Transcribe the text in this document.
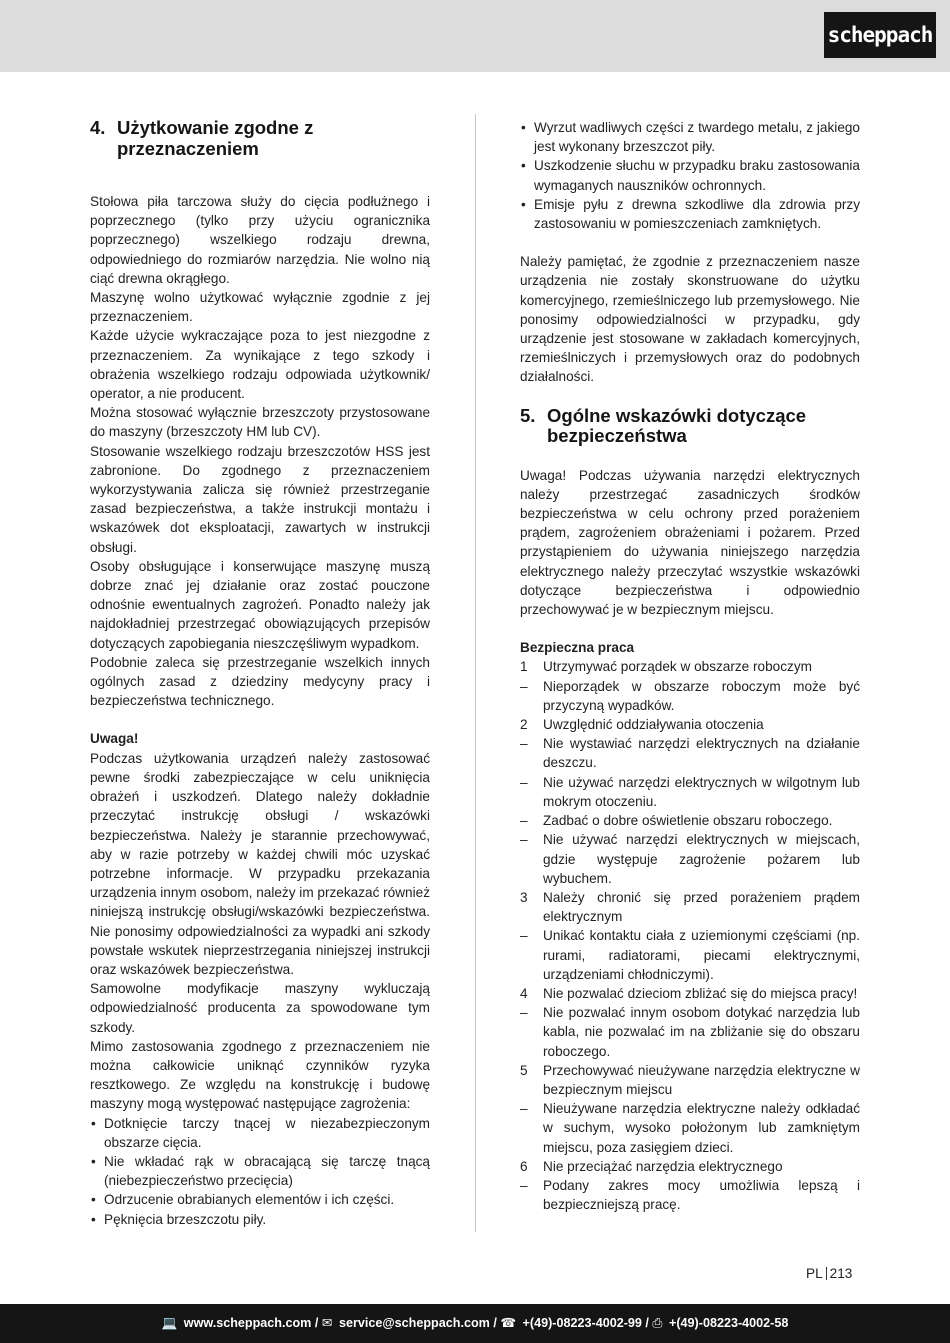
scheppach
4. Użytkowanie zgodne z przeznaczeniem

Stołowa piła tarczowa służy do cięcia podłużnego i poprzecznego (tylko przy użyciu ogranicznika poprzecznego) wszelkiego rodzaju drewna, odpowiedniego do rozmiarów narzędzia. Nie wolno nią ciąć drewna okrągłego.

Maszynę wolno użytkować wyłącznie zgodnie z jej przeznaczeniem.

Każde użycie wykraczające poza to jest niezgodne z przeznaczeniem. Za wynikające z tego szkody i obrażenia wszelkiego rodzaju odpowiada użytkownik/ operator, a nie producent.

Można stosować wyłącznie brzeszczoty przystosowane do maszyny (brzeszczoty HM lub CV).

Stosowanie wszelkiego rodzaju brzeszczotów HSS jest zabronione. Do zgodnego z przeznaczeniem wykorzystywania zalicza się również przestrzeganie zasad bezpieczeństwa, a także instrukcji montażu i wskazówek dot eksploatacji, zawartych w instrukcji obsługi.

Osoby obsługujące i konserwujące maszynę muszą dobrze znać jej działanie oraz zostać pouczone odnośnie ewentualnych zagrożeń. Ponadto należy jak najdokładniej przestrzegać obowiązujących przepisów dotyczących zapobiegania nieszczęśliwym wypadkom.

Podobnie zaleca się przestrzeganie wszelkich innych ogólnych zasad z dziedziny medycyny pracy i bezpieczeństwa technicznego.

Uwaga!

Podczas użytkowania urządzeń należy zastosować pewne środki zabezpieczające w celu uniknięcia obrażeń i uszkodzeń. Dlatego należy dokładnie przeczytać instrukcję obsługi / wskazówki bezpieczeństwa. Należy je starannie przechowywać, aby w razie potrzeby w każdej chwili móc uzyskać potrzebne informacje. W przypadku przekazania urządzenia innym osobom, należy im przekazać również niniejszą instrukcję obsługi/wskazówki bezpieczeństwa. Nie ponosimy odpowiedzialności za wypadki ani szkody powstałe wskutek nieprzestrzegania niniejszej instrukcji oraz wskazówek bezpieczeństwa.

Samowolne modyfikacje maszyny wykluczają odpowiedzialność producenta za spowodowane tym szkody.

Mimo zastosowania zgodnego z przeznaczeniem nie można całkowicie uniknąć czynników ryzyka resztkowego. Ze względu na konstrukcję i budowę maszyny mogą występować następujące zagrożenia:

• Dotknięcie tarczy tnącej w niezabezpieczonym obszarze cięcia.
• Nie wkładać rąk w obracającą się tarczę tnącą (niebezpieczeństwo przecięcia)
• Odrzucenie obrabianych elementów i ich części.
• Pęknięcia brzeszczotu piły.
• Wyrzut wadliwych części z twardego metalu, z jakiego jest wykonany brzeszczot piły.
• Uszkodzenie słuchu w przypadku braku zastosowania wymaganych nauszników ochronnych.
• Emisje pyłu z drewna szkodliwe dla zdrowia przy zastosowaniu w pomieszczeniach zamkniętych.

Należy pamiętać, że zgodnie z przeznaczeniem nasze urządzenia nie zostały skonstruowane do użytku komercyjnego, rzemieślniczego lub przemysłowego. Nie ponosimy odpowiedzialności w przypadku, gdy urządzenie jest stosowane w zakładach komercyjnych, rzemieślniczych i przemysłowych oraz do podobnych działalności.

5. Ogólne wskazówki dotyczące bezpieczeństwa

Uwaga! Podczas używania narzędzi elektrycznych należy przestrzegać zasadniczych środków bezpieczeństwa w celu ochrony przed porażeniem prądem, zagrożeniem obrażeniami i pożarem. Przed przystąpieniem do używania niniejszego narzędzia elektrycznego należy przeczytać wszystkie wskazówki dotyczące bezpieczeństwa i odpowiednio przechowywać je w bezpiecznym miejscu.

Bezpieczna praca

1	Utrzymywać porządek w obszarze roboczym
–	Nieporządek w obszarze roboczym może być przyczyną wypadków.
2	Uwzględnić oddziaływania otoczenia
–	Nie wystawiać narzędzi elektrycznych na działanie deszczu.
–	Nie używać narzędzi elektrycznych w wilgotnym lub mokrym otoczeniu.
–	Zadbać o dobre oświetlenie obszaru roboczego.
–	Nie używać narzędzi elektrycznych w miejscach, gdzie występuje zagrożenie pożarem lub wybuchem.
3	Należy chronić się przed porażeniem prądem elektrycznym
–	Unikać kontaktu ciała z uziemionymi częściami (np. rurami, radiatorami, piecami elektrycznymi, urządzeniami chłodniczymi).
4	Nie pozwalać dzieciom zbliżać się do miejsca pracy!
–	Nie pozwalać innym osobom dotykać narzędzia lub kabla, nie pozwalać im na zbliżanie się do obszaru roboczego.
5	Przechowywać nieużywane narzędzia elektryczne w bezpiecznym miejscu
–	Nieużywane narzędzia elektryczne należy odkładać w suchym, wysoko położonym lub zamkniętym miejscu, poza zasięgiem dzieci.
6	Nie przeciążać narzędzia elektrycznego
–	Podany zakres mocy umożliwia lepszą i bezpieczniejszą pracę.
PL 213
💻 www.scheppach.com / ✉ service@scheppach.com / ☎ +(49)-08223-4002-99 / ⎙ +(49)-08223-4002-58
